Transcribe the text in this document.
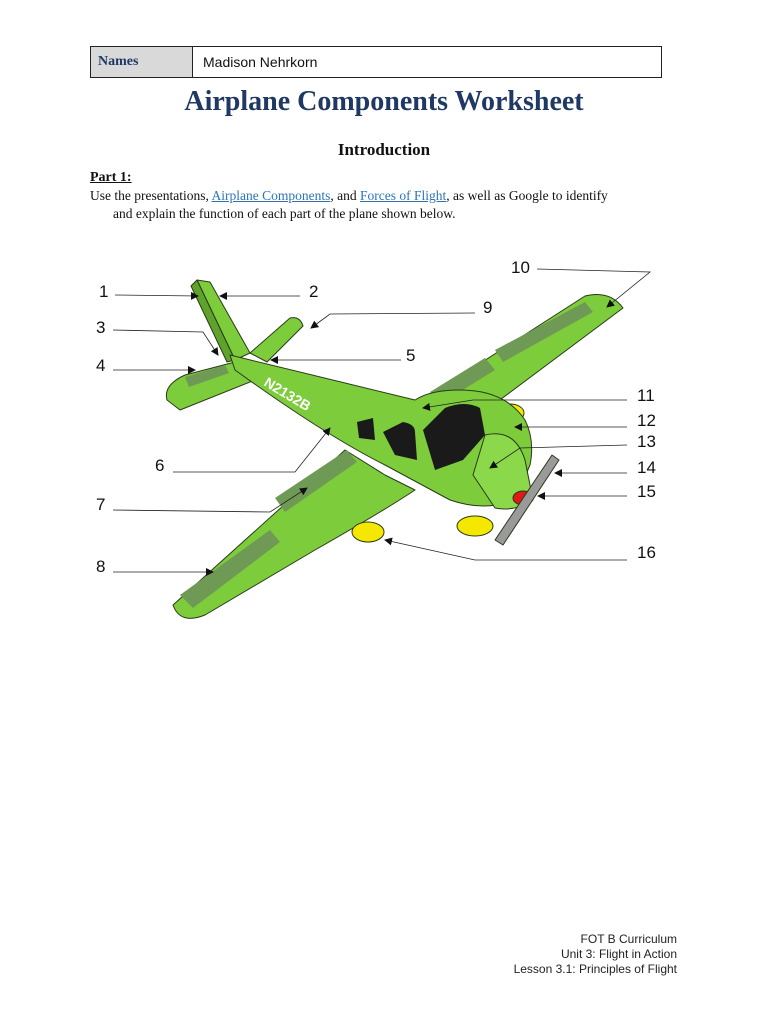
Names	Madison Nehrkorn
Airplane Components Worksheet
Introduction
Part 1:
Use the presentations, Airplane Components, and Forces of Flight, as well as Google to identify
and explain the function of each part of the plane shown below.
N2132B
1	2
3
4
5
6
7
8
9
10
11
12
13
14
15
16
FOT B Curriculum
Unit 3: Flight in Action
Lesson 3.1: Principles of Flight
